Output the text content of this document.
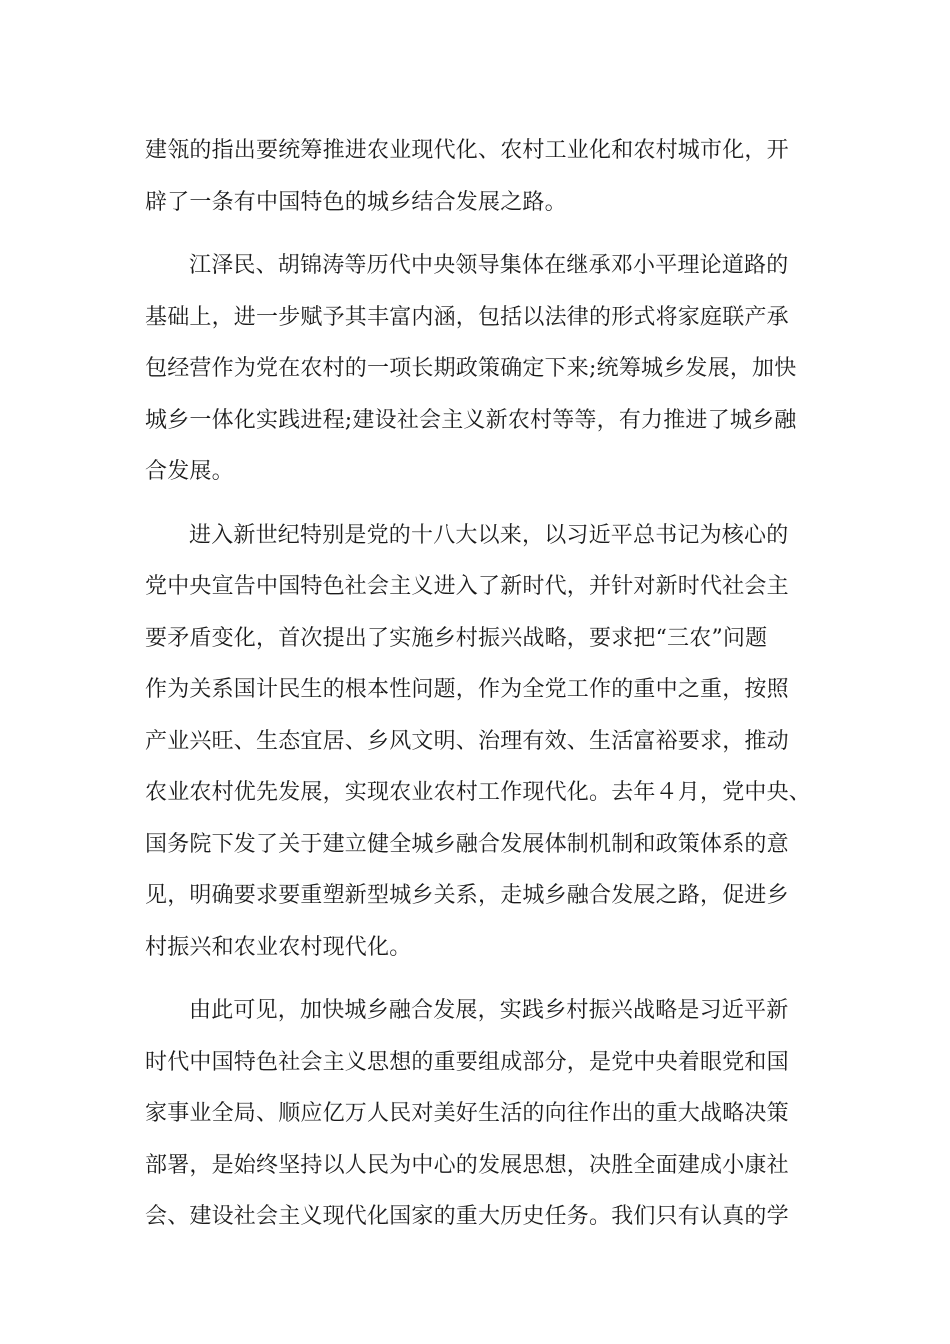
建瓴的指出要统筹推进农业现代化、农村工业化和农村城市化，开
辟了一条有中国特色的城乡结合发展之路。
江泽民、胡锦涛等历代中央领导集体在继承邓小平理论道路的
基础上，进一步赋予其丰富内涵，包括以法律的形式将家庭联产承
包经营作为党在农村的一项长期政策确定下来;统筹城乡发展，加快
城乡一体化实践进程;建设社会主义新农村等等，有力推进了城乡融
合发展。
进入新世纪特别是党的十八大以来，以习近平总书记为核心的
党中央宣告中国特色社会主义进入了新时代，并针对新时代社会主
要矛盾变化，首次提出了实施乡村振兴战略，要求把“三农”问题
作为关系国计民生的根本性问题，作为全党工作的重中之重，按照
产业兴旺、生态宜居、乡风文明、治理有效、生活富裕要求，推动
农业农村优先发展，实现农业农村工作现代化。去年４月，党中央、
国务院下发了关于建立健全城乡融合发展体制机制和政策体系的意
见，明确要求要重塑新型城乡关系，走城乡融合发展之路，促进乡
村振兴和农业农村现代化。
由此可见，加快城乡融合发展，实践乡村振兴战略是习近平新
时代中国特色社会主义思想的重要组成部分，是党中央着眼党和国
家事业全局、顺应亿万人民对美好生活的向往作出的重大战略决策
部署，是始终坚持以人民为中心的发展思想，决胜全面建成小康社
会、建设社会主义现代化国家的重大历史任务。我们只有认真的学
